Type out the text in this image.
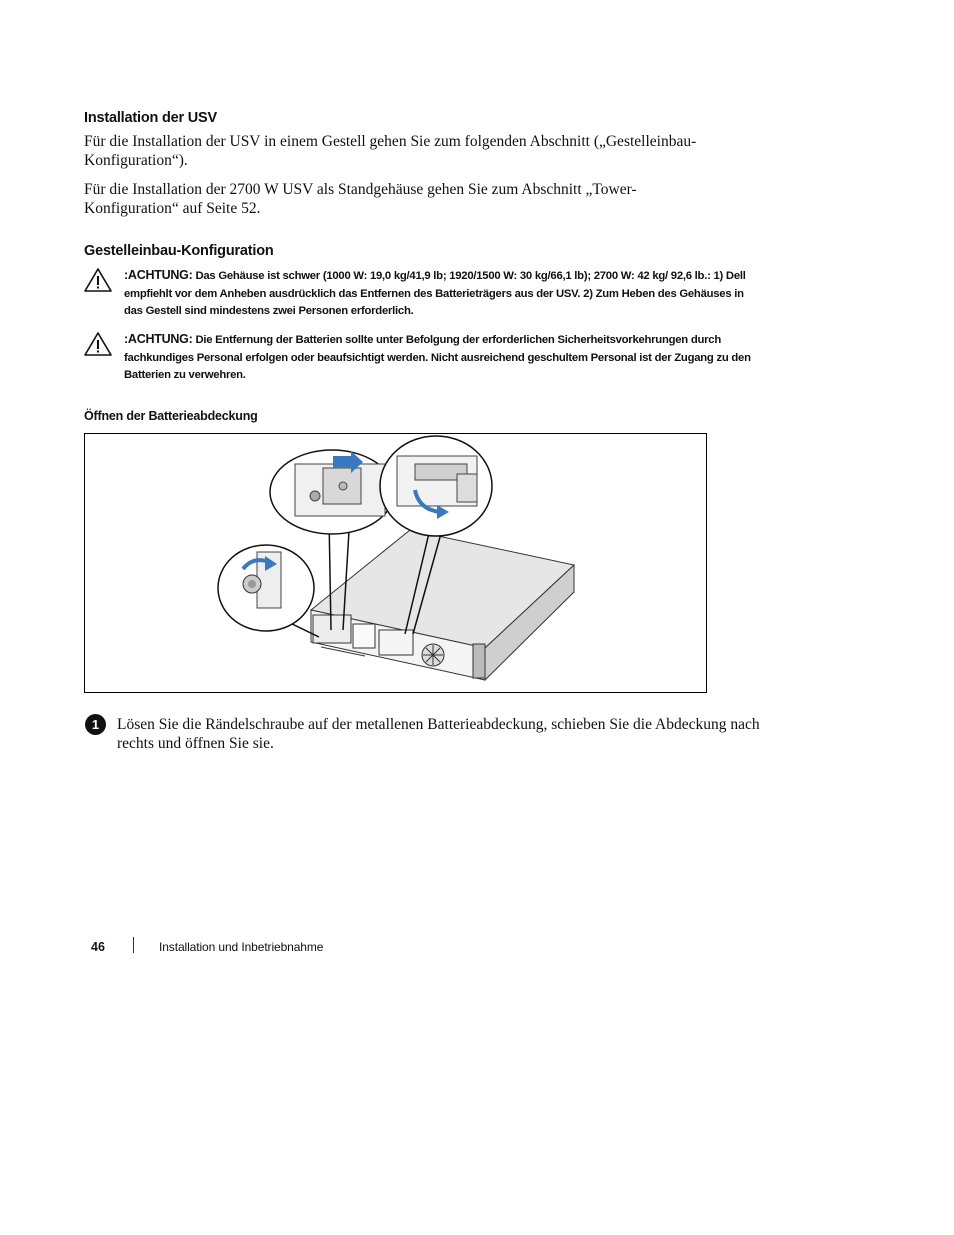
Installation der USV

Für die Installation der USV in einem Gestell gehen Sie zum folgenden Abschnitt („Gestelleinbau-Konfiguration“).

Für die Installation der 2700 W USV als Standgehäuse gehen Sie zum Abschnitt „Tower-Konfiguration“ auf Seite 52.

Gestelleinbau-Konfiguration
:ACHTUNG: Das Gehäuse ist schwer (1000 W: 19,0 kg/41,9 lb; 1920/1500 W: 30 kg/66,1 lb); 2700 W: 42 kg/ 92,6 lb.: 1) Dell empfiehlt vor dem Anheben ausdrücklich das Entfernen des Batterieträgers aus der USV. 2) Zum Heben des Gehäuses in das Gestell sind mindestens zwei Personen erforderlich.
:ACHTUNG: Die Entfernung der Batterien sollte unter Befolgung der erforderlichen Sicherheitsvorkehrungen durch fachkundiges Personal erfolgen oder beaufsichtigt werden. Nicht ausreichend geschultem Personal ist der Zugang zu den Batterien zu verwehren.

Öffnen der Batterieabdeckung

1	Lösen Sie die Rändelschraube auf der metallenen Batterieabdeckung, schieben Sie die Abdeckung nach rechts und öffnen Sie sie.

46	Installation und Inbetriebnahme
